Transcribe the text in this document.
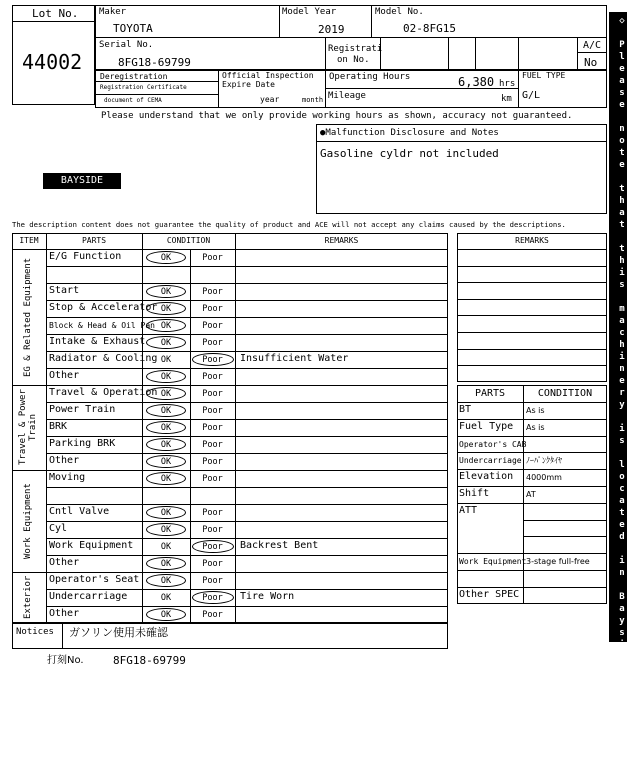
Lot No.
44002
Maker
TOYOTA
Model Year
2019
Model No.
02-8FG15
Serial No.
8FG18-69799
Registrati
on No.
A/C
No
Deregistration
Registration Certificate
document of CEMA
Official Inspection
Expire Date
year	month
Operating Hours	6,380 hrs
Mileage	km
FUEL TYPE
G/L
Please understand that we only provide working hours as shown, accuracy not guaranteed.
●Malfunction Disclosure and Notes
Gasoline cyldr not included
BAYSIDE	◇ Please note that this machinery is located in Bayside Yard ◇
The description content does not guarantee the quality of product and ACE will not accept any claims caused by the descriptions.
ITEM	PARTS	CONDITION	REMARKS
EG & Related Equipment
E/G Function	OK	Poor
Start	OK	Poor
Stop & Accelerator OK	Poor
Block & Head & Oil Pan OK	Poor
Intake & Exhaust	OK	Poor
Radiator & Cooling OK	Poor	Insufficient Water
Other	OK	Poor
Travel & Power Train
Travel & Operation OK	Poor
Power Train	OK	Poor
BRK	OK	Poor
Parking BRK	OK	Poor
Other	OK	Poor
Work Equipment
Moving	OK	Poor
Cntl Valve	OK	Poor
Cyl	OK	Poor
Work Equipment	OK	Poor	Backrest Bent
Other	OK	Poor
Exterior Operator's Seat	OK	Poor
Undercarriage	OK	Poor	Tire Worn
Other	OK	Poor
REMARKS
PARTS	CONDITION
BT	As is
Fuel Type As is
Operator's CAB
Undercarriage ﾉｰﾊﾟﾝｸﾀｲﾔ
Elevation 4000mm
Shift	AT
ATT
Work Equipment 3-stage full-free
Other SPEC
Notices ガソリン使用未確認
打刻No.	8FG18-69799
